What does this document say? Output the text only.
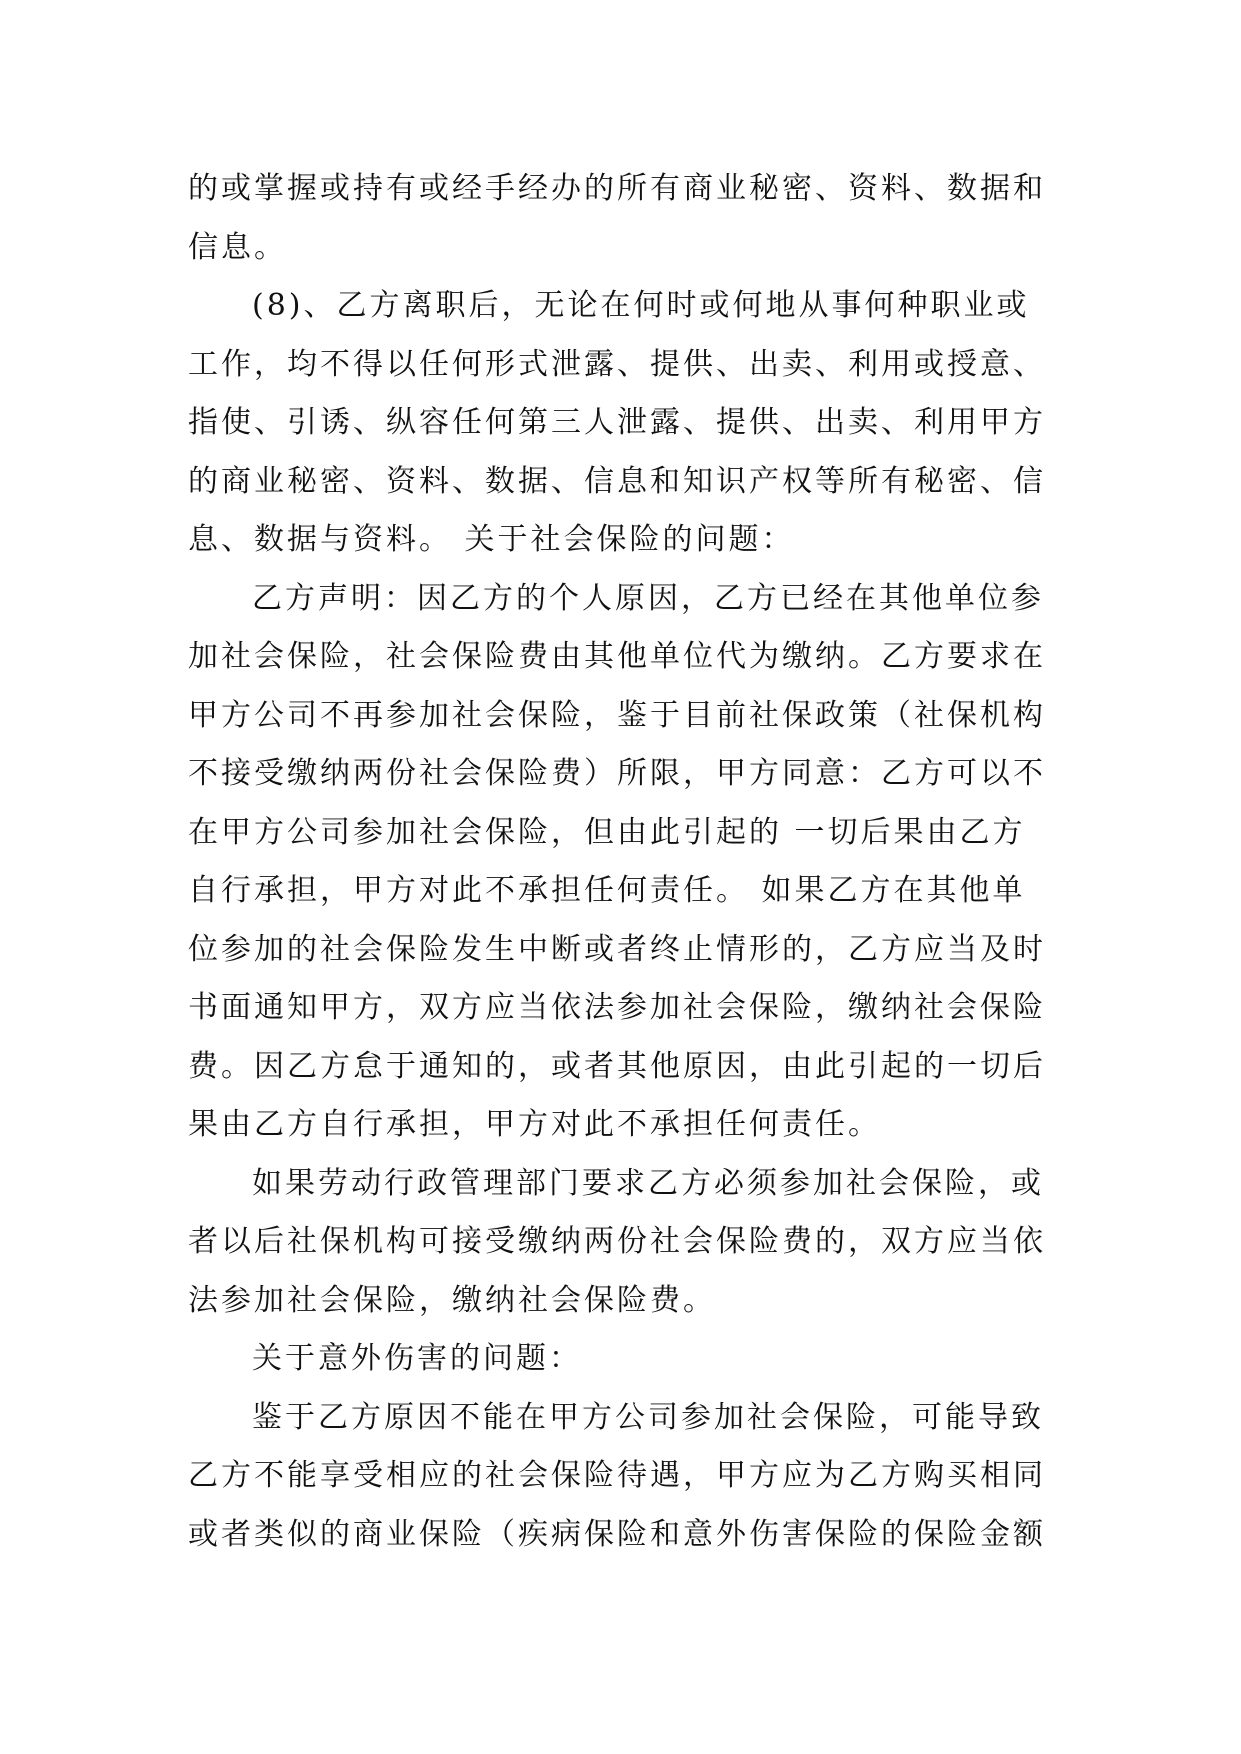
的或掌握或持有或经手经办的所有商业秘密、资料、数据和
信息。
(8)、乙方离职后，无论在何时或何地从事何种职业或
工作，均不得以任何形式泄露、提供、出卖、利用或授意、
指使、引诱、纵容任何第三人泄露、提供、出卖、利用甲方
的商业秘密、资料、数据、信息和知识产权等所有秘密、信
息、数据与资料。 关于社会保险的问题：
乙方声明：因乙方的个人原因，乙方已经在其他单位参
加社会保险，社会保险费由其他单位代为缴纳。乙方要求在
甲方公司不再参加社会保险，鉴于目前社保政策（社保机构
不接受缴纳两份社会保险费）所限，甲方同意：乙方可以不
在甲方公司参加社会保险，但由此引起的 一切后果由乙方
自行承担，甲方对此不承担任何责任。 如果乙方在其他单
位参加的社会保险发生中断或者终止情形的，乙方应当及时
书面通知甲方，双方应当依法参加社会保险，缴纳社会保险
费。因乙方怠于通知的，或者其他原因，由此引起的一切后
果由乙方自行承担，甲方对此不承担任何责任。
如果劳动行政管理部门要求乙方必须参加社会保险，或
者以后社保机构可接受缴纳两份社会保险费的，双方应当依
法参加社会保险，缴纳社会保险费。
关于意外伤害的问题：
鉴于乙方原因不能在甲方公司参加社会保险，可能导致
乙方不能享受相应的社会保险待遇，甲方应为乙方购买相同
或者类似的商业保险（疾病保险和意外伤害保险的保险金额
